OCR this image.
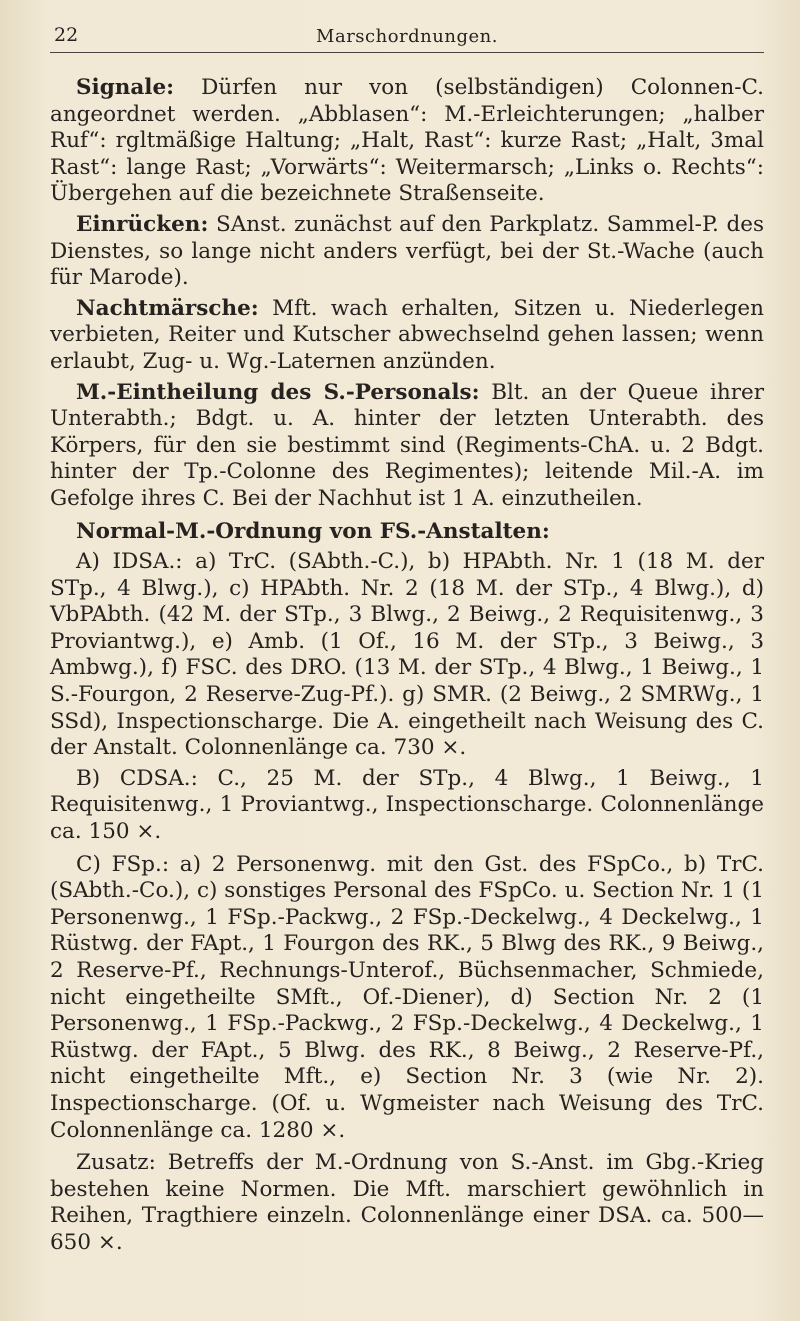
22	Marschordnungen.

Signale: Dürfen nur von (selbständigen) Colonnen-C. angeordnet werden. „Abblasen“: M.-Erleichterungen; „halber Ruf“: rgltmäßige Haltung; „Halt, Rast“: kurze Rast; „Halt, 3mal Rast“: lange Rast; „Vorwärts“: Weitermarsch; „Links o. Rechts“: Übergehen auf die bezeichnete Straßenseite.

Einrücken: SAnst. zunächst auf den Parkplatz. Sammel-P. des Dienstes, so lange nicht anders verfügt, bei der St.-Wache (auch für Marode).

Nachtmärsche: Mft. wach erhalten, Sitzen u. Niederlegen verbieten, Reiter und Kutscher abwechselnd gehen lassen; wenn erlaubt, Zug- u. Wg.-Laternen anzünden.

M.-Eintheilung des S.-Personals: Blt. an der Queue ihrer Unterabth.; Bdgt. u. A. hinter der letzten Unterabth. des Körpers, für den sie bestimmt sind (Regiments-ChA. u. 2 Bdgt. hinter der Tp.-Colonne des Regimentes); leitende Mil.-A. im Gefolge ihres C. Bei der Nachhut ist 1 A. einzutheilen.

Normal-M.-Ordnung von FS.-Anstalten:

A) IDSA.: a) TrC. (SAbth.-C.), b) HPAbth. Nr. 1 (18 M. der STp., 4 Blwg.), c) HPAbth. Nr. 2 (18 M. der STp., 4 Blwg.), d) VbPAbth. (42 M. der STp., 3 Blwg., 2 Beiwg., 2 Requisitenwg., 3 Proviantwg.), e) Amb. (1 Of., 16 M. der STp., 3 Beiwg., 3 Ambwg.), f) FSC. des DRO. (13 M. der STp., 4 Blwg., 1 Beiwg., 1 S.-Fourgon, 2 Reserve-Zug-Pf.). g) SMR. (2 Beiwg., 2 SMRWg., 1 SSd), Inspectionscharge. Die A. eingetheilt nach Weisung des C. der Anstalt. Colonnenlänge ca. 730 ×.

B) CDSA.: C., 25 M. der STp., 4 Blwg., 1 Beiwg., 1 Requisitenwg., 1 Proviantwg., Inspectionscharge. Colonnenlänge ca. 150 ×.

C) FSp.: a) 2 Personenwg. mit den Gst. des FSpCo., b) TrC. (SAbth.-Co.), c) sonstiges Personal des FSpCo. u. Section Nr. 1 (1 Personenwg., 1 FSp.-Packwg., 2 FSp.-Deckelwg., 4 Deckelwg., 1 Rüstwg. der FApt., 1 Fourgon des RK., 5 Blwg des RK., 9 Beiwg., 2 Reserve-Pf., Rechnungs-Unterof., Büchsenmacher, Schmiede, nicht eingetheilte SMft., Of.-Diener), d) Section Nr. 2 (1 Personenwg., 1 FSp.-Packwg., 2 FSp.-Deckelwg., 4 Deckelwg., 1 Rüstwg. der FApt., 5 Blwg. des RK., 8 Beiwg., 2 Reserve-Pf., nicht eingetheilte Mft., e) Section Nr. 3 (wie Nr. 2). Inspectionscharge. (Of. u. Wgmeister nach Weisung des TrC. Colonnenlänge ca. 1280 ×.

Zusatz: Betreffs der M.-Ordnung von S.-Anst. im Gbg.-Krieg bestehen keine Normen. Die Mft. marschiert gewöhnlich in Reihen, Tragthiere einzeln. Colonnenlänge einer DSA. ca. 500—650 ×.
